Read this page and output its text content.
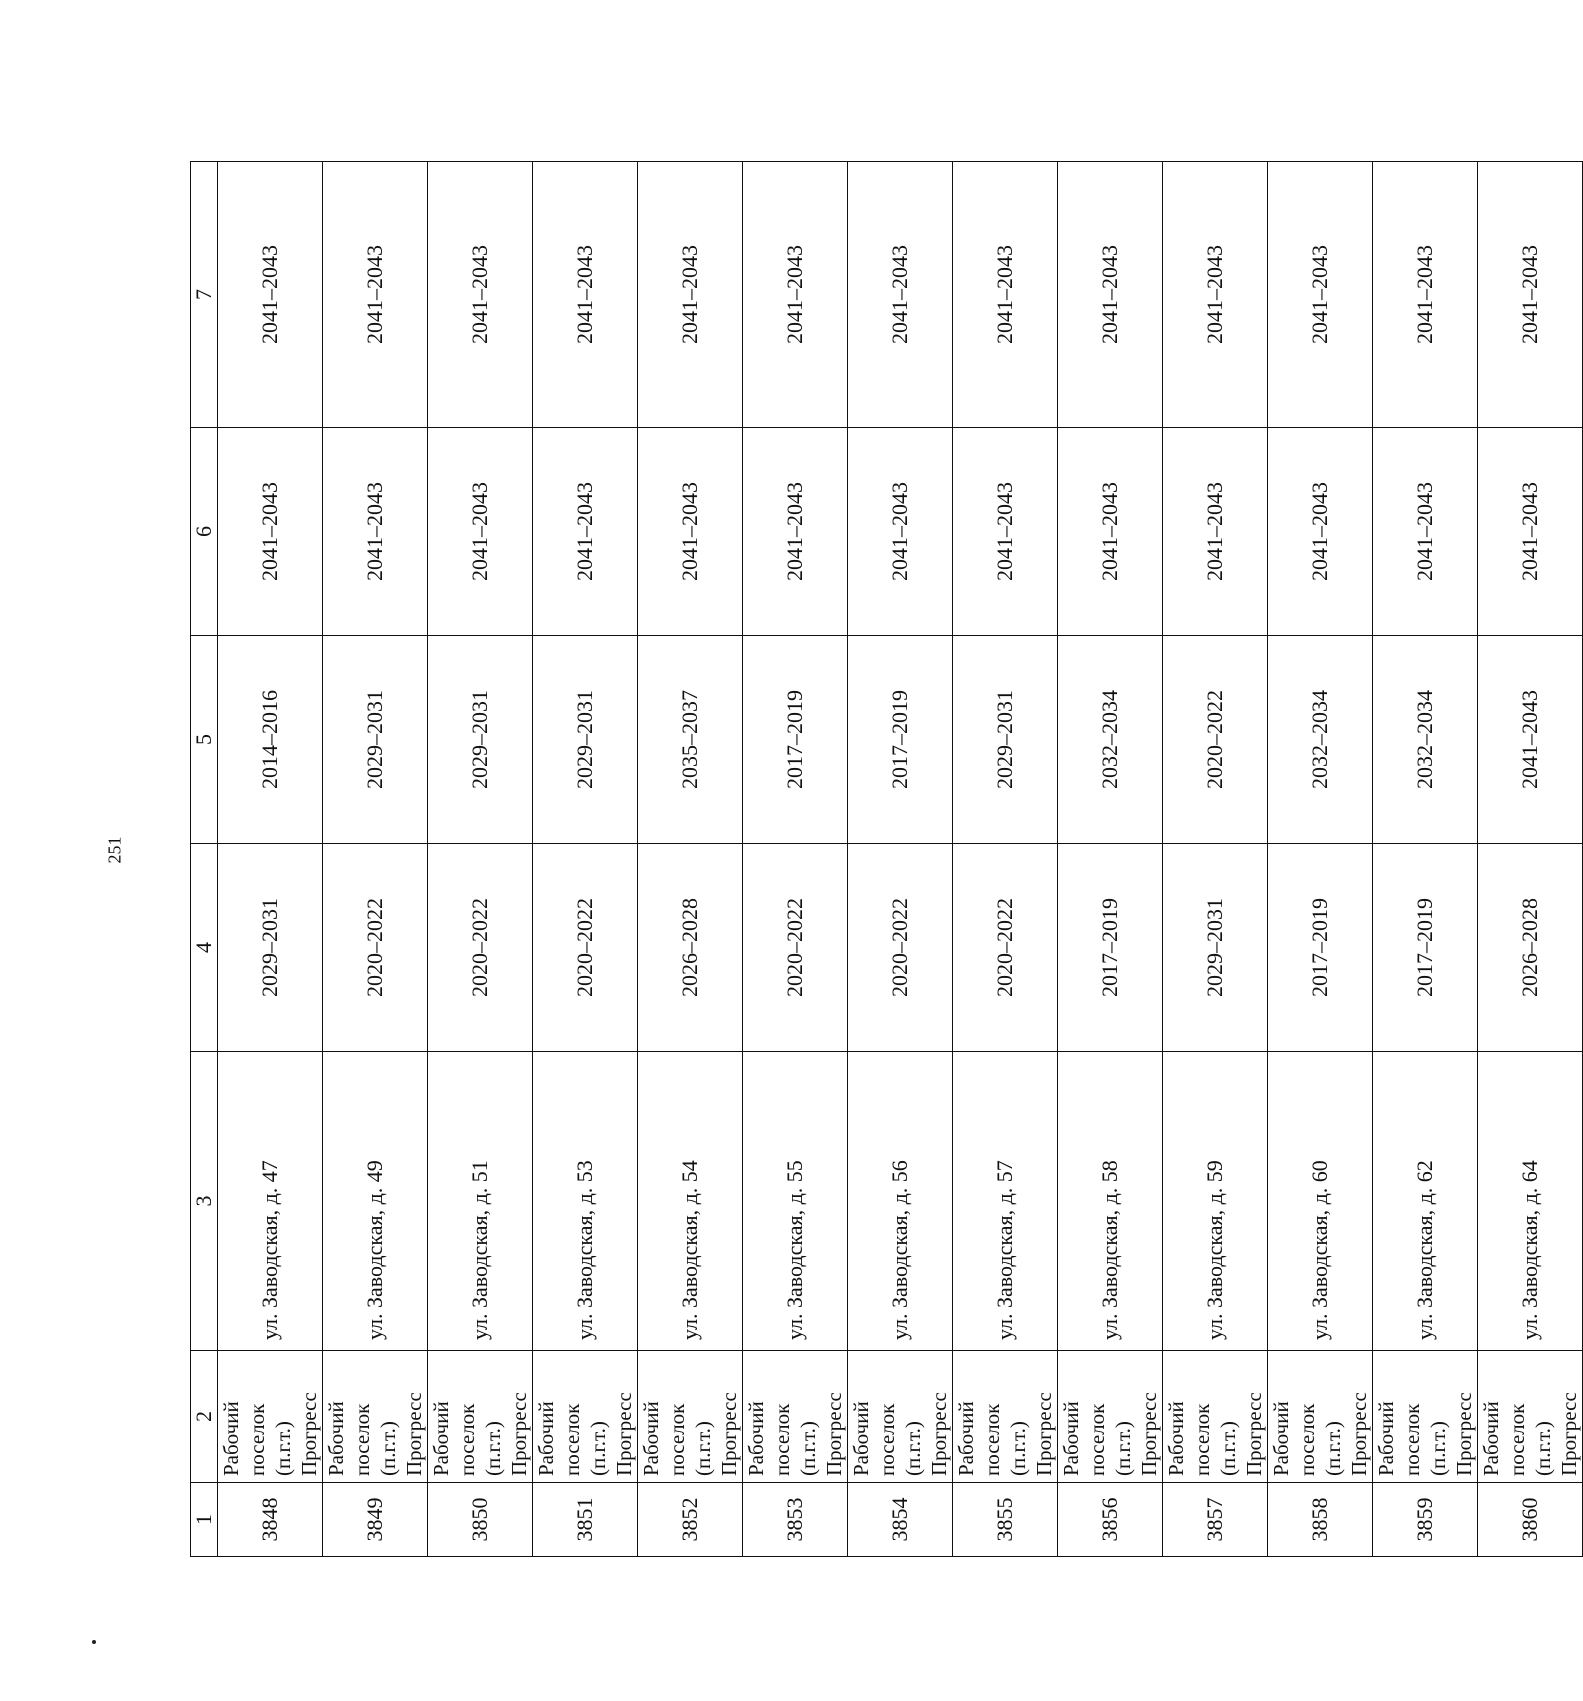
251
1	2	3	4	5	6	7
3848	Рабочий поселок (п.г.т.) Прогресс	ул. Заводская, д. 47	2029–2031	2014–2016	2041–2043	2041–2043
3849	Рабочий поселок (п.г.т.) Прогресс	ул. Заводская, д. 49	2020–2022	2029–2031	2041–2043	2041–2043
3850	Рабочий поселок (п.г.т.) Прогресс	ул. Заводская, д. 51	2020–2022	2029–2031	2041–2043	2041–2043
3851	Рабочий поселок (п.г.т.) Прогресс	ул. Заводская, д. 53	2020–2022	2029–2031	2041–2043	2041–2043
3852	Рабочий поселок (п.г.т.) Прогресс	ул. Заводская, д. 54	2026–2028	2035–2037	2041–2043	2041–2043
3853	Рабочий поселок (п.г.т.) Прогресс	ул. Заводская, д. 55	2020–2022	2017–2019	2041–2043	2041–2043
3854	Рабочий поселок (п.г.т.) Прогресс	ул. Заводская, д. 56	2020–2022	2017–2019	2041–2043	2041–2043
3855	Рабочий поселок (п.г.т.) Прогресс	ул. Заводская, д. 57	2020–2022	2029–2031	2041–2043	2041–2043
3856	Рабочий поселок (п.г.т.) Прогресс	ул. Заводская, д. 58	2017–2019	2032–2034	2041–2043	2041–2043
3857	Рабочий поселок (п.г.т.) Прогресс	ул. Заводская, д. 59	2029–2031	2020–2022	2041–2043	2041–2043
3858	Рабочий поселок (п.г.т.) Прогресс	ул. Заводская, д. 60	2017–2019	2032–2034	2041–2043	2041–2043
3859	Рабочий поселок (п.г.т.) Прогресс	ул. Заводская, д. 62	2017–2019	2032–2034	2041–2043	2041–2043
3860	Рабочий поселок (п.г.т.) Прогресс	ул. Заводская, д. 64	2026–2028	2041–2043	2041–2043	2041–2043
